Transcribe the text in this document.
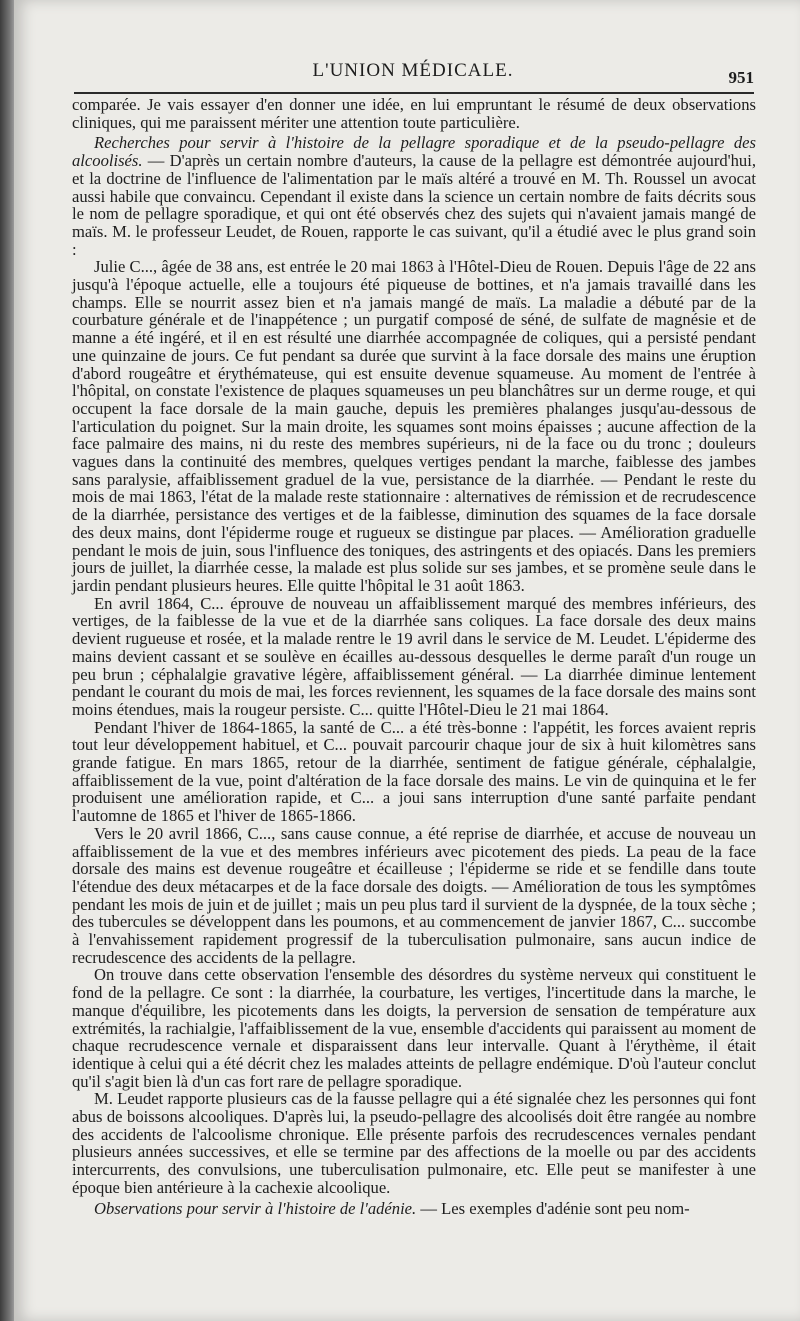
L'UNION MÉDICALE.	951

comparée. Je vais essayer d'en donner une idée, en lui empruntant le résumé de deux observations cliniques, qui me paraissent mériter une attention toute particulière.

Recherches pour servir à l'histoire de la pellagre sporadique et de la pseudo-pellagre des alcoolisés. — D'après un certain nombre d'auteurs, la cause de la pellagre est démontrée aujourd'hui, et la doctrine de l'influence de l'alimentation par le maïs altéré a trouvé en M. Th. Roussel un avocat aussi habile que convaincu. Cependant il existe dans la science un certain nombre de faits décrits sous le nom de pellagre sporadique, et qui ont été observés chez des sujets qui n'avaient jamais mangé de maïs. M. le professeur Leudet, de Rouen, rapporte le cas suivant, qu'il a étudié avec le plus grand soin :

Julie C..., âgée de 38 ans, est entrée le 20 mai 1863 à l'Hôtel-Dieu de Rouen. Depuis l'âge de 22 ans jusqu'à l'époque actuelle, elle a toujours été piqueuse de bottines, et n'a jamais travaillé dans les champs. Elle se nourrit assez bien et n'a jamais mangé de maïs. La maladie a débuté par de la courbature générale et de l'inappétence ; un purgatif composé de séné, de sulfate de magnésie et de manne a été ingéré, et il en est résulté une diarrhée accompagnée de coliques, qui a persisté pendant une quinzaine de jours. Ce fut pendant sa durée que survint à la face dorsale des mains une éruption d'abord rougeâtre et érythémateuse, qui est ensuite devenue squameuse. Au moment de l'entrée à l'hôpital, on constate l'existence de plaques squameuses un peu blanchâtres sur un derme rouge, et qui occupent la face dorsale de la main gauche, depuis les premières phalanges jusqu'au-dessous de l'articulation du poignet. Sur la main droite, les squames sont moins épaisses ; aucune affection de la face palmaire des mains, ni du reste des membres supérieurs, ni de la face ou du tronc ; douleurs vagues dans la continuité des membres, quelques vertiges pendant la marche, faiblesse des jambes sans paralysie, affaiblissement graduel de la vue, persistance de la diarrhée. — Pendant le reste du mois de mai 1863, l'état de la malade reste stationnaire : alternatives de rémission et de recrudescence de la diarrhée, persistance des vertiges et de la faiblesse, diminution des squames de la face dorsale des deux mains, dont l'épiderme rouge et rugueux se distingue par places. — Amélioration graduelle pendant le mois de juin, sous l'influence des toniques, des astringents et des opiacés. Dans les premiers jours de juillet, la diarrhée cesse, la malade est plus solide sur ses jambes, et se promène seule dans le jardin pendant plusieurs heures. Elle quitte l'hôpital le 31 août 1863.

En avril 1864, C... éprouve de nouveau un affaiblissement marqué des membres inférieurs, des vertiges, de la faiblesse de la vue et de la diarrhée sans coliques. La face dorsale des deux mains devient rugueuse et rosée, et la malade rentre le 19 avril dans le service de M. Leudet. L'épiderme des mains devient cassant et se soulève en écailles au-dessous desquelles le derme paraît d'un rouge un peu brun ; céphalalgie gravative légère, affaiblissement général. — La diarrhée diminue lentement pendant le courant du mois de mai, les forces reviennent, les squames de la face dorsale des mains sont moins étendues, mais la rougeur persiste. C... quitte l'Hôtel-Dieu le 21 mai 1864.

Pendant l'hiver de 1864-1865, la santé de C... a été très-bonne : l'appétit, les forces avaient repris tout leur développement habituel, et C... pouvait parcourir chaque jour de six à huit kilomètres sans grande fatigue. En mars 1865, retour de la diarrhée, sentiment de fatigue générale, céphalalgie, affaiblissement de la vue, point d'altération de la face dorsale des mains. Le vin de quinquina et le fer produisent une amélioration rapide, et C... a joui sans interruption d'une santé parfaite pendant l'automne de 1865 et l'hiver de 1865-1866.

Vers le 20 avril 1866, C..., sans cause connue, a été reprise de diarrhée, et accuse de nouveau un affaiblissement de la vue et des membres inférieurs avec picotement des pieds. La peau de la face dorsale des mains est devenue rougeâtre et écailleuse ; l'épiderme se ride et se fendille dans toute l'étendue des deux métacarpes et de la face dorsale des doigts. — Amélioration de tous les symptômes pendant les mois de juin et de juillet ; mais un peu plus tard il survient de la dyspnée, de la toux sèche ; des tubercules se développent dans les poumons, et au commencement de janvier 1867, C... succombe à l'envahissement rapidement progressif de la tuberculisation pulmonaire, sans aucun indice de recrudescence des accidents de la pellagre.

On trouve dans cette observation l'ensemble des désordres du système nerveux qui constituent le fond de la pellagre. Ce sont : la diarrhée, la courbature, les vertiges, l'incertitude dans la marche, le manque d'équilibre, les picotements dans les doigts, la perversion de sensation de température aux extrémités, la rachialgie, l'affaiblissement de la vue, ensemble d'accidents qui paraissent au moment de chaque recrudescence vernale et disparaissent dans leur intervalle. Quant à l'érythème, il était identique à celui qui a été décrit chez les malades atteints de pellagre endémique. D'où l'auteur conclut qu'il s'agit bien là d'un cas fort rare de pellagre sporadique.

M. Leudet rapporte plusieurs cas de la fausse pellagre qui a été signalée chez les personnes qui font abus de boissons alcooliques. D'après lui, la pseudo-pellagre des alcoolisés doit être rangée au nombre des accidents de l'alcoolisme chronique. Elle présente parfois des recrudescences vernales pendant plusieurs années successives, et elle se termine par des affections de la moelle ou par des accidents intercurrents, des convulsions, une tuberculisation pulmonaire, etc. Elle peut se manifester à une époque bien antérieure à la cachexie alcoolique.

Observations pour servir à l'histoire de l'adénie. — Les exemples d'adénie sont peu nom-
